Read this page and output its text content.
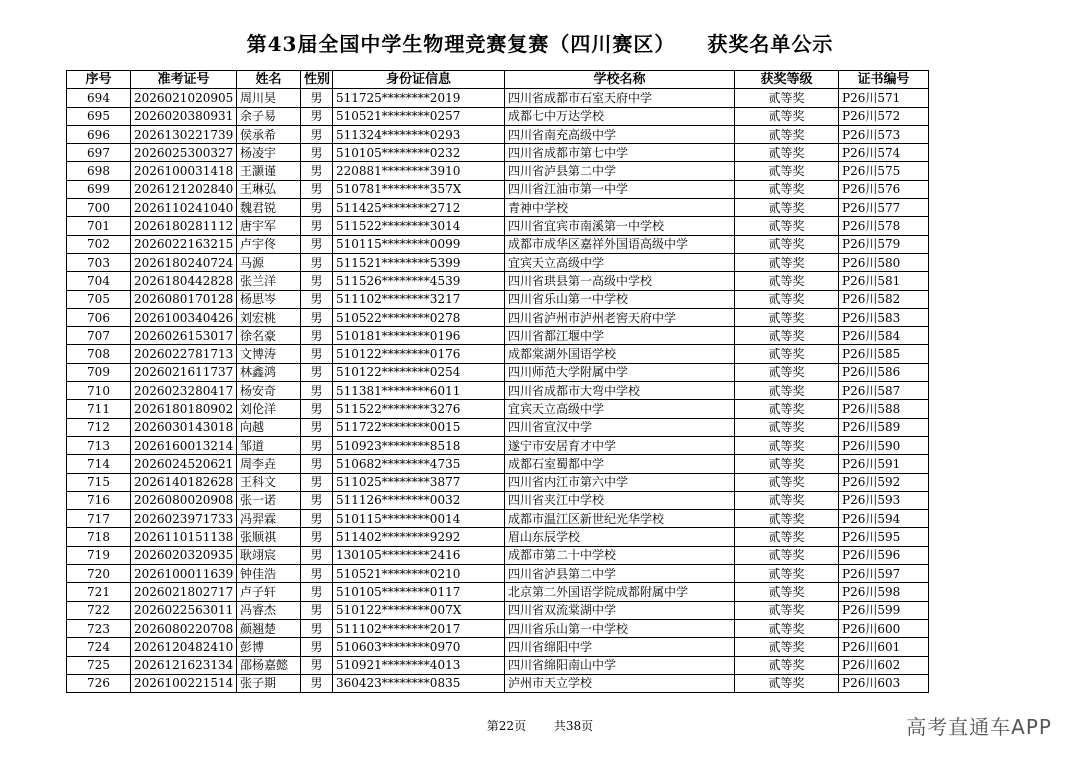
第43届全国中学生物理竞赛复赛（四川赛区）　　获奖名单公示
序号	准考证号	姓名	性别	身份证信息	学校名称	获奖等级	证书编号
694	2026021020905	周川昊	男	511725********2019	四川省成都市石室天府中学	贰等奖	P26川571
695	2026020380931	余子易	男	510521********0257	成都七中万达学校	贰等奖	P26川572
696	2026130221739	侯承希	男	511324********0293	四川省南充高级中学	贰等奖	P26川573
697	2026025300327	杨凌宇	男	510105********0232	四川省成都市第七中学	贰等奖	P26川574
698	2026100031418	王灏谨	男	220881********3910	四川省泸县第二中学	贰等奖	P26川575
699	2026121202840	王琳弘	男	510781********357X	四川省江油市第一中学	贰等奖	P26川576
700	2026110241040	魏君锐	男	511425********2712	青神中学校	贰等奖	P26川577
701	2026180281112	唐宇军	男	511522********3014	四川省宜宾市南溪第一中学校	贰等奖	P26川578
702	2026022163215	卢宇佟	男	510115********0099	成都市成华区嘉祥外国语高级中学	贰等奖	P26川579
703	2026180240724	马源	男	511521********5399	宜宾天立高级中学	贰等奖	P26川580
704	2026180442828	张兰洋	男	511526********4539	四川省珙县第一高级中学校	贰等奖	P26川581
705	2026080170128	杨思岑	男	511102********3217	四川省乐山第一中学校	贰等奖	P26川582
706	2026100340426	刘宏桃	男	510522********0278	四川省泸州市泸州老窖天府中学	贰等奖	P26川583
707	2026026153017	徐名豪	男	510181********0196	四川省都江堰中学	贰等奖	P26川584
708	2026022781713	文博涛	男	510122********0176	成都棠湖外国语学校	贰等奖	P26川585
709	2026021611737	林鑫鸿	男	510122********0254	四川师范大学附属中学	贰等奖	P26川586
710	2026023280417	杨安奇	男	511381********6011	四川省成都市大弯中学校	贰等奖	P26川587
711	2026180180902	刘伦洋	男	511522********3276	宜宾天立高级中学	贰等奖	P26川588
712	2026030143018	向越	男	511722********0015	四川省宣汉中学	贰等奖	P26川589
713	2026160013214	邹道	男	510923********8518	遂宁市安居育才中学	贰等奖	P26川590
714	2026024520621	周李垚	男	510682********4735	成都石室蜀都中学	贰等奖	P26川591
715	2026140182628	王科文	男	511025********3877	四川省内江市第六中学	贰等奖	P26川592
716	2026080020908	张一诺	男	511126********0032	四川省夹江中学校	贰等奖	P26川593
717	2026023971733	冯羿霖	男	510115********0014	成都市温江区新世纪光华学校	贰等奖	P26川594
718	2026110151138	张顺祺	男	511402********9292	眉山东辰学校	贰等奖	P26川595
719	2026020320935	耿翊宸	男	130105********2416	成都市第二十中学校	贰等奖	P26川596
720	2026100011639	钟佳浩	男	510521********0210	四川省泸县第二中学	贰等奖	P26川597
721	2026021802717	卢子轩	男	510105********0117	北京第二外国语学院成都附属中学	贰等奖	P26川598
722	2026022563011	冯睿杰	男	510122********007X	四川省双流棠湖中学	贰等奖	P26川599
723	2026080220708	颜翘楚	男	511102********2017	四川省乐山第一中学校	贰等奖	P26川600
724	2026120482410	彭博	男	510603********0970	四川省绵阳中学	贰等奖	P26川601
725	2026121623134	邵杨嘉懿	男	510921********4013	四川省绵阳南山中学	贰等奖	P26川602
726	2026100221514	张子期	男	360423********0835	泸州市天立学校	贰等奖	P26川603
第22页 共38页	高考直通车APP
